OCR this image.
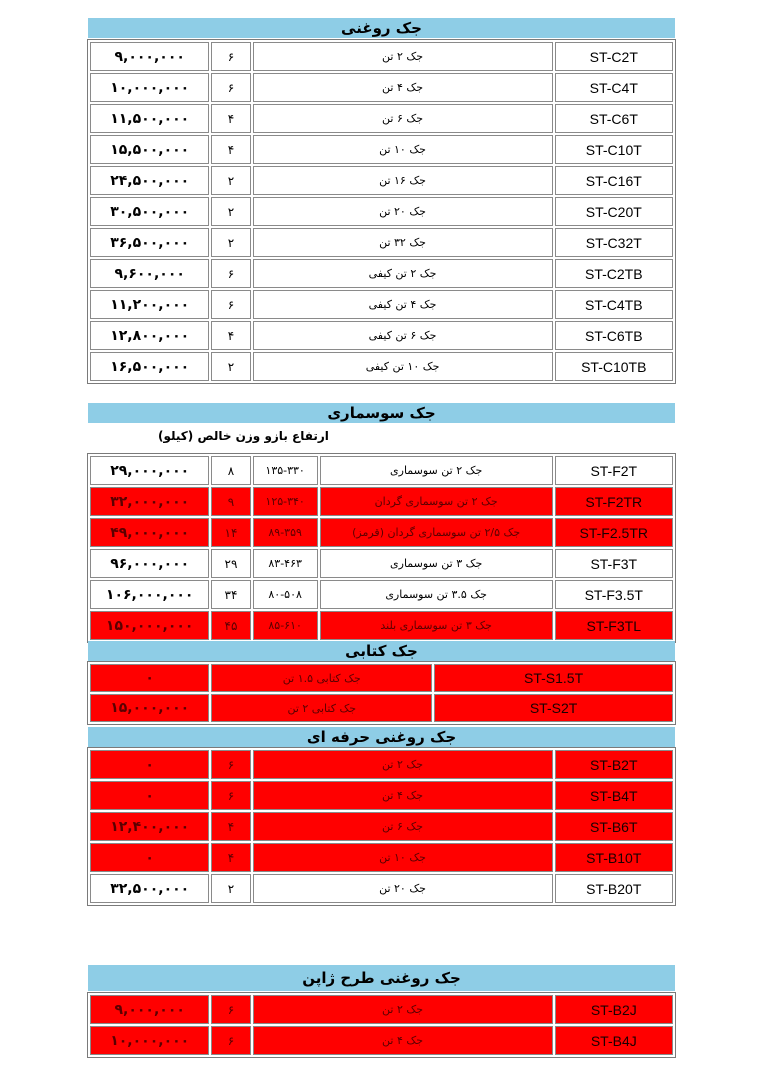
جک روغنی
۹,۰۰۰,۰۰۰	۶	جک ۲ تن	ST-C2T
۱۰,۰۰۰,۰۰۰	۶	جک ۴ تن	ST-C4T
۱۱,۵۰۰,۰۰۰	۴	جک ۶ تن	ST-C6T
۱۵,۵۰۰,۰۰۰	۴	جک ۱۰ تن	ST-C10T
۲۴,۵۰۰,۰۰۰	۲	جک ۱۶ تن	ST-C16T
۳۰,۵۰۰,۰۰۰	۲	جک ۲۰ تن	ST-C20T
۳۶,۵۰۰,۰۰۰	۲	جک ۳۲ تن	ST-C32T
۹,۶۰۰,۰۰۰	۶	جک ۲ تن کیفی	ST-C2TB
۱۱,۲۰۰,۰۰۰	۶	جک ۴ تن کیفی	ST-C4TB
۱۲,۸۰۰,۰۰۰	۴	جک ۶ تن کیفی	ST-C6TB
۱۶,۵۰۰,۰۰۰	۲	جک ۱۰ تن کیفی	ST-C10TB
جک سوسماری
ارتفاع بازو وزن خالص (کیلو)
۲۹,۰۰۰,۰۰۰	۸	۱۳۵-۳۳۰	جک ۲ تن سوسماری	ST-F2T
۳۲,۰۰۰,۰۰۰	۹	۱۲۵-۳۴۰	جک ۲ تن سوسماری گردان	ST-F2TR
۴۹,۰۰۰,۰۰۰	۱۴	۸۹-۳۵۹	جک ۲/۵ تن سوسماری گردان (قرمز)	ST-F2.5TR
۹۶,۰۰۰,۰۰۰	۲۹	۸۳-۴۶۳	جک ۳ تن سوسماری	ST-F3T
۱۰۶,۰۰۰,۰۰۰	۳۴	۸۰-۵۰۸	جک ۳.۵ تن سوسماری	ST-F3.5T
۱۵۰,۰۰۰,۰۰۰	۴۵	۸۵-۶۱۰	جک ۳ تن سوسماری بلند	ST-F3TL
جک کتابی
۰	جک کتابی ۱.۵ تن	ST-S1.5T
۱۵,۰۰۰,۰۰۰	جک کتابی ۲ تن	ST-S2T
جک روغنی حرفه ای
۰	۶	جک ۲ تن	ST-B2T
۰	۶	جک ۴ تن	ST-B4T
۱۲,۴۰۰,۰۰۰	۴	جک ۶ تن	ST-B6T
۰	۴	جک ۱۰ تن	ST-B10T
۳۲,۵۰۰,۰۰۰	۲	جک ۲۰ تن	ST-B20T
جک روغنی طرح ژاپن
۹,۰۰۰,۰۰۰	۶	جک ۲ تن	ST-B2J
۱۰,۰۰۰,۰۰۰	۶	جک ۴ تن	ST-B4J
